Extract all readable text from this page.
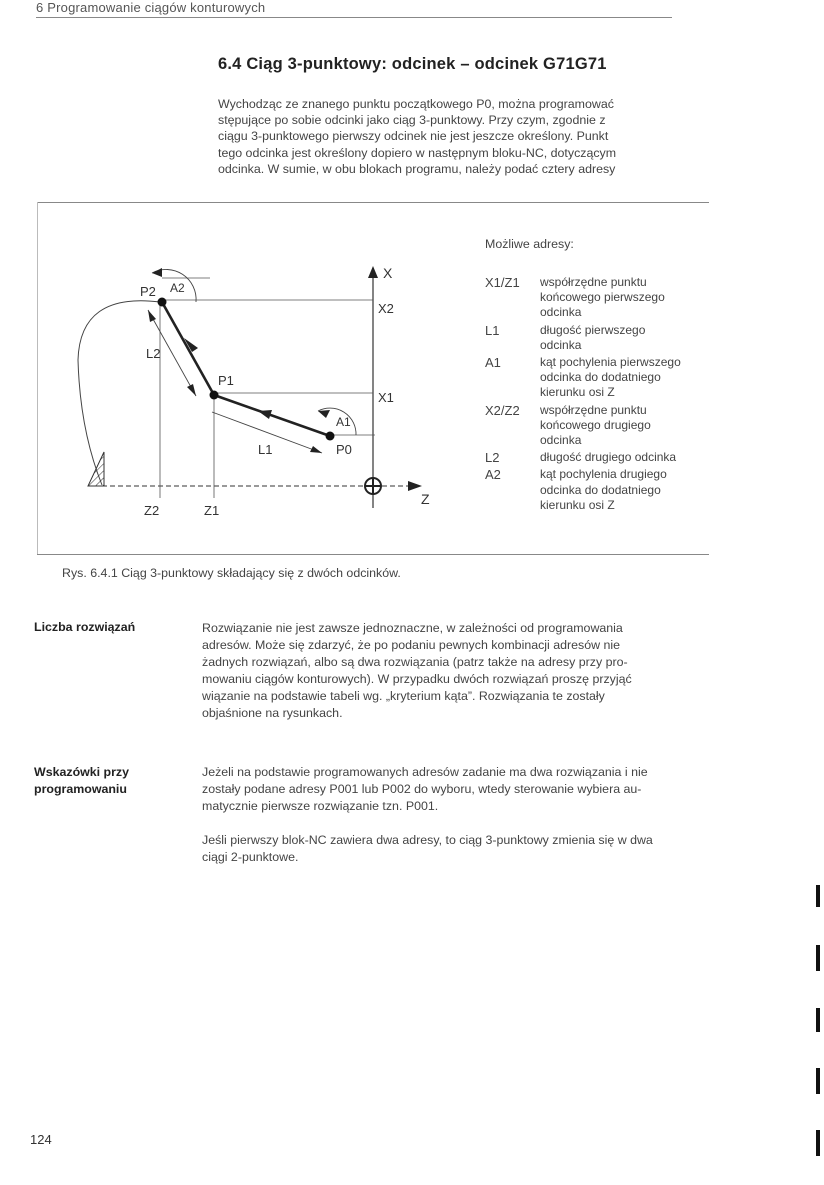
6 Programowanie ciągów konturowych
6.4 Ciąg 3-punktowy: odcinek – odcinek G71G71
Wychodząc ze znanego punktu początkowego P0, można programować
stępujące po sobie odcinki jako ciąg 3-punktowy. Przy czym, zgodnie z
ciągu 3-punktowego pierwszy odcinek nie jest jeszcze określony. Punkt
tego odcinka jest określony dopiero w następnym bloku-NC, dotyczącym
odcinka. W sumie, w obu blokach programu, należy podać cztery adresy
X
Z
X2
X1
Z2	Z1
P0
P1
P2
A1
A2
L1
L2
Możliwe adresy:
X1/Z1	współrzędne punktu
końcowego pierwszego
odcinka
L1	długość pierwszego
odcinka
A1	kąt pochylenia pierwszego
odcinka do dodatniego
kierunku osi Z
X2/Z2	współrzędne punktu
końcowego drugiego
odcinka
L2	długość drugiego odcinka
A2	kąt pochylenia drugiego
odcinka do dodatniego
kierunku osi Z
Rys. 6.4.1 Ciąg 3-punktowy składający się z dwóch odcinków.
Liczba rozwiązań	Rozwiązanie nie jest zawsze jednoznaczne, w zależności od programowania
adresów. Może się zdarzyć, że po podaniu pewnych kombinacji adresów nie
żadnych rozwiązań, albo są dwa rozwiązania (patrz także na adresy przy pro-
mowaniu ciągów konturowych). W przypadku dwóch rozwiązań proszę przyjąć
wiązanie na podstawie tabeli wg. „kryterium kąta”. Rozwiązania te zostały
objaśnione na rysunkach.
Wskazówki przy
programowaniu
Jeżeli na podstawie programowanych adresów zadanie ma dwa rozwiązania i nie
zostały podane adresy P001 lub P002 do wyboru, wtedy sterowanie wybiera au-
matycznie pierwsze rozwiązanie tzn. P001.
Jeśli pierwszy blok-NC zawiera dwa adresy, to ciąg 3-punktowy zmienia się w dwa
ciągi 2-punktowe.
124
